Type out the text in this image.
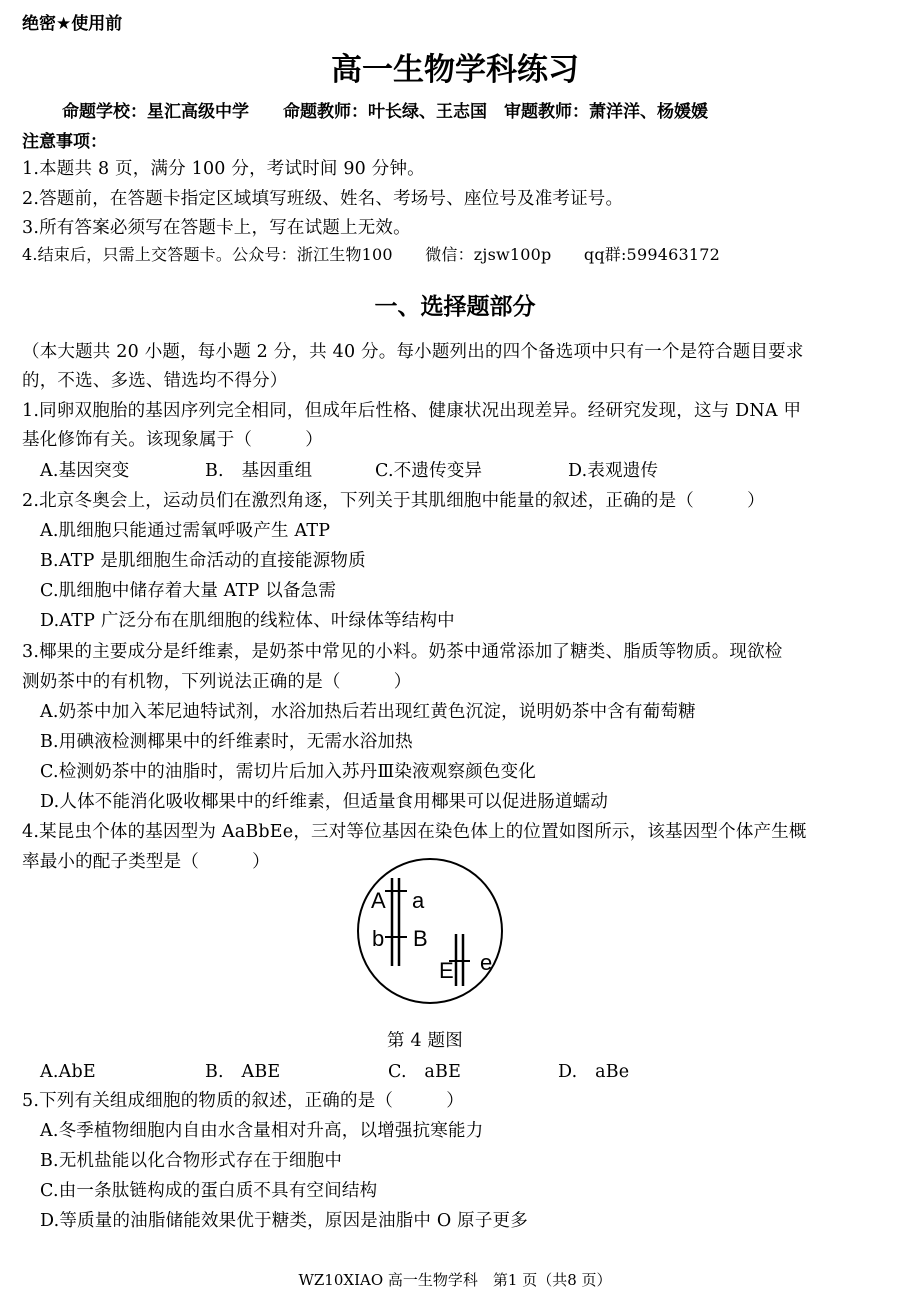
绝密★使用前
高一生物学科练习
命题学校：星汇高级中学　　命题教师：叶长绿、王志国　审题教师：萧洋洋、杨媛媛
注意事项：
1.本题共 8 页，满分 100 分，考试时间 90 分钟。
2.答题前，在答题卡指定区域填写班级、姓名、考场号、座位号及准考证号。
3.所有答案必须写在答题卡上，写在试题上无效。
4.结束后，只需上交答题卡。公众号：浙江生物100　　微信：zjsw100p　　qq群:599463172
一、选择题部分
（本大题共 20 小题，每小题 2 分，共 40 分。每小题列出的四个备选项中只有一个是符合题目要求
的，不选、多选、错选均不得分）
1.同卵双胞胎的基因序列完全相同，但成年后性格、健康状况出现差异。经研究发现，这与 DNA 甲
基化修饰有关。该现象属于（　　　）
A.基因突变	B.　基因重组	C.不遗传变异	D.表观遗传
2.北京冬奥会上，运动员们在激烈角逐，下列关于其肌细胞中能量的叙述，正确的是（　　　）
A.肌细胞只能通过需氧呼吸产生 ATP
B.ATP 是肌细胞生命活动的直接能源物质
C.肌细胞中储存着大量 ATP 以备急需
D.ATP 广泛分布在肌细胞的线粒体、叶绿体等结构中
3.椰果的主要成分是纤维素，是奶茶中常见的小料。奶茶中通常添加了糖类、脂质等物质。现欲检
测奶茶中的有机物，下列说法正确的是（　　　）
A.奶茶中加入苯尼迪特试剂，水浴加热后若出现红黄色沉淀，说明奶茶中含有葡萄糖
B.用碘液检测椰果中的纤维素时，无需水浴加热
C.检测奶茶中的油脂时，需切片后加入苏丹Ⅲ染液观察颜色变化
D.人体不能消化吸收椰果中的纤维素，但适量食用椰果可以促进肠道蠕动
4.某昆虫个体的基因型为 AaBbEe，三对等位基因在染色体上的位置如图所示，该基因型个体产生概
率最小的配子类型是（　　　）
A a
b B
E e
第 4 题图
A.AbE	B.　ABE	C.　aBE	D.　aBe
5.下列有关组成细胞的物质的叙述，正确的是（　　　）
A.冬季植物细胞内自由水含量相对升高，以增强抗寒能力
B.无机盐能以化合物形式存在于细胞中
C.由一条肽链构成的蛋白质不具有空间结构
D.等质量的油脂储能效果优于糖类，原因是油脂中 O 原子更多
WZ10XIAO 高一生物学科　第1 页（共8 页）
